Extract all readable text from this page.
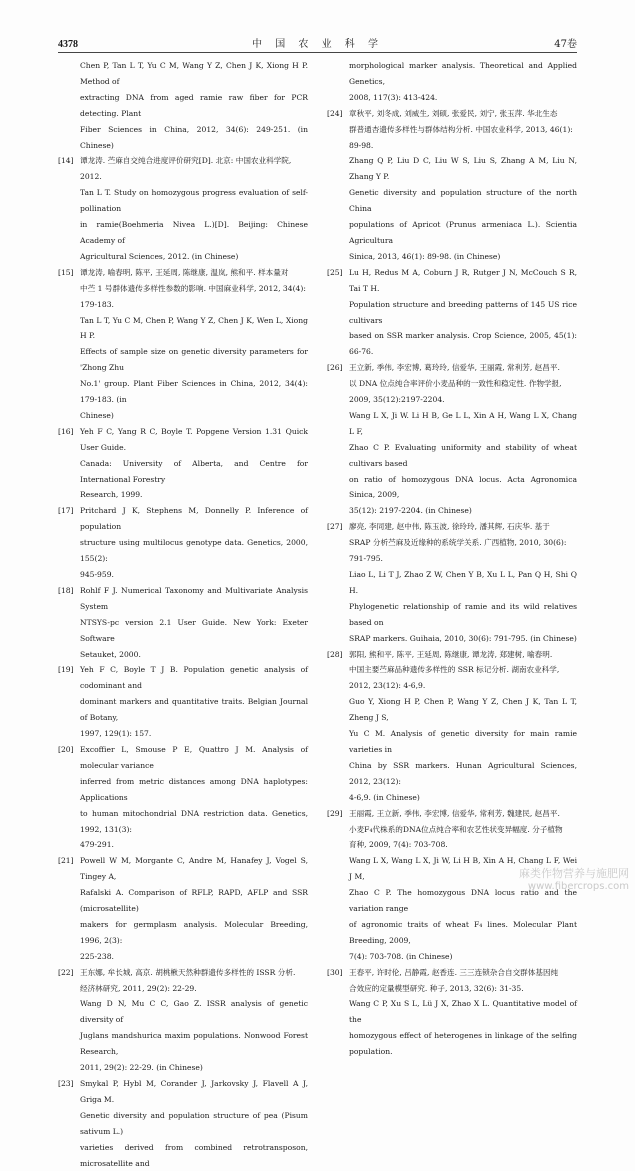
4378	中 国 农 业 科 学	47卷
Chen P, Tan L T, Yu C M, Wang Y Z, Chen J K, Xiong H P. Method of
extracting DNA from aged ramie raw fiber for PCR detecting. Plant
Fiber Sciences in China, 2012, 34(6): 249-251. (in Chinese)
[14] 谭龙涛. 苎麻自交纯合进度评价研究[D]. 北京: 中国农业科学院,
2012.
Tan L T. Study on homozygous progress evaluation of self-pollination
in ramie(Boehmeria Nivea L.)[D]. Beijing: Chinese Academy of
Agricultural Sciences, 2012. (in Chinese)
[15] 谭龙涛, 喻春明, 陈平, 王延周, 陈继康, 温岚, 熊和平. 样本量对
中苎 1 号群体遗传多样性参数的影响. 中国麻业科学, 2012, 34(4):
179-183.
Tan L T, Yu C M, Chen P, Wang Y Z, Chen J K, Wen L, Xiong H P.
Effects of sample size on genetic diversity parameters for 'Zhong Zhu
No.1' group. Plant Fiber Sciences in China, 2012, 34(4): 179-183. (in
Chinese)
[16] Yeh F C, Yang R C, Boyle T. Popgene Version 1.31 Quick User Guide.
Canada: University of Alberta, and Centre for International Forestry
Research, 1999.
[17] Pritchard J K, Stephens M, Donnelly P. Inference of population
structure using multilocus genotype data. Genetics, 2000, 155(2):
945-959.
[18] Rohlf F J. Numerical Taxonomy and Multivariate Analysis System
NTSYS-pc version 2.1 User Guide. New York: Exeter Software
Setauket, 2000.
[19] Yeh F C, Boyle T J B. Population genetic analysis of codominant and
dominant markers and quantitative traits. Belgian Journal of Botany,
1997, 129(1): 157.
[20] Excoffier L, Smouse P E, Quattro J M. Analysis of molecular variance
inferred from metric distances among DNA haplotypes: Applications
to human mitochondrial DNA restriction data. Genetics, 1992, 131(3):
479-291.
[21] Powell W M, Morgante C, Andre M, Hanafey J, Vogel S, Tingey A,
Rafalski A. Comparison of RFLP, RAPD, AFLP and SSR (microsatellite)
makers for germplasm analysis. Molecular Breeding, 1996, 2(3):
225-238.
[22] 王东娜, 牟长城, 高京. 胡桃楸天然种群遗传多样性的 ISSR 分析.
经济林研究, 2011, 29(2): 22-29.
Wang D N, Mu C C, Gao Z. ISSR analysis of genetic diversity of
Juglans mandshurica maxim populations. Nonwood Forest Research,
2011, 29(2): 22-29. (in Chinese)
[23] Smykal P, Hybl M, Corander J, Jarkovsky J, Flavell A J, Griga M.
Genetic diversity and population structure of pea (Pisum sativum L.)
varieties derived from combined retrotransposon, microsatellite and
morphological marker analysis. Theoretical and Applied Genetics,
2008, 117(3): 413-424.
[24] 章秋平, 刘冬成, 刘威生, 刘硕, 张爱民, 刘宁, 张玉萍. 华北生态
群普通杏遗传多样性与群体结构分析. 中国农业科学, 2013, 46(1):
89-98.
Zhang Q P, Liu D C, Liu W S, Liu S, Zhang A M, Liu N, Zhang Y P.
Genetic diversity and population structure of the north China
populations of Apricot (Prunus armeniaca L.). Scientia Agricultura
Sinica, 2013, 46(1): 89-98. (in Chinese)
[25] Lu H, Redus M A, Coburn J R, Rutger J N, McCouch S R, Tai T H.
Population structure and breeding patterns of 145 US rice cultivars
based on SSR marker analysis. Crop Science, 2005, 45(1): 66-76.
[26] 王立新, 季伟, 李宏博, 葛玲玲, 信爱华, 王丽霞, 常利芳, 赵昌平.
以 DNA 位点纯合率评价小麦品种的一致性和稳定性. 作物学报,
2009, 35(12):2197-2204.
Wang L X, Ji W. Li H B, Ge L L, Xin A H, Wang L X, Chang L F,
Zhao C P. Evaluating uniformity and stability of wheat cultivars based
on ratio of homozygous DNA locus. Acta Agronomica Sinica, 2009,
35(12): 2197-2204. (in Chinese)
[27] 廖亮, 李同建, 赵中伟, 陈玉波, 徐玲玲, 潘其辉, 石庆华. 基于
SRAP 分析苎麻及近缘种的系统学关系. 广西植物, 2010, 30(6):
791-795.
Liao L, Li T J, Zhao Z W, Chen Y B, Xu L L, Pan Q H, Shi Q H.
Phylogenetic relationship of ramie and its wild relatives based on
SRAP markers. Guihaia, 2010, 30(6): 791-795. (in Chinese)
[28] 郭阳, 熊和平, 陈平, 王延周, 陈继康, 谭龙涛, 郑建树, 喻春明.
中国主要苎麻品种遗传多样性的 SSR 标记分析. 湖南农业科学,
2012, 23(12): 4-6,9.
Guo Y, Xiong H P, Chen P, Wang Y Z, Chen J K, Tan L T, Zheng J S,
Yu C M. Analysis of genetic diversity for main ramie varieties in
China by SSR markers. Hunan Agricultural Sciences, 2012, 23(12):
4-6,9. (in Chinese)
[29] 王丽霞, 王立新, 季伟, 李宏博, 信爱华, 常利芳, 魏建民, 赵昌平.
小麦F₄代株系的DNA位点纯合率和农艺性状变异幅度. 分子植物
育种, 2009, 7(4): 703-708.
Wang L X, Wang L X, Ji W, Li H B, Xin A H, Chang L F, Wei J M,
Zhao C P. The homozygous DNA locus ratio and the variation range
of agronomic traits of wheat F₄ lines. Molecular Plant Breeding, 2009,
7(4): 703-708. (in Chinese)
[30] 王春平, 许时伦, 吕静霞, 赵香连. 三三连锁杂合自交群体基因纯
合效应的定量模型研究. 种子, 2013, 32(6): 31-35.
Wang C P, Xu S L, Lü J X, Zhao X L. Quantitative model of the
homozygous effect of heterogenes in linkage of the selfing population.
麻类作物营养与施肥网
www.fibercrops.com
